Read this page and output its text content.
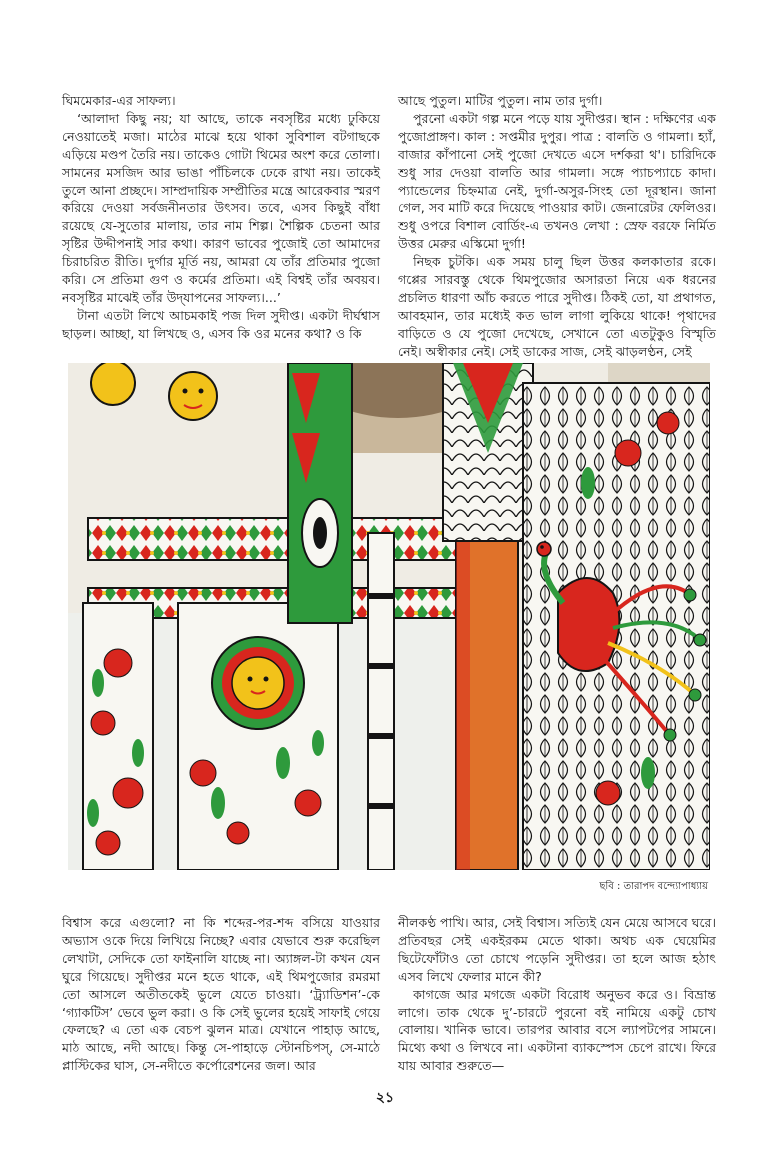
ঘিমমেকার-এর সাফল্য।

‘আলাদা কিছু নয়; যা আছে, তাকে নবসৃষ্টির মধ্যে ঢুকিয়ে নেওয়াতেই মজা। মাঠের মাঝে হয়ে থাকা সুবিশাল বটগাছকে এড়িয়ে মণ্ডপ তৈরি নয়। তাকেও গোটা থিমের অংশ করে তোলা। সামনের মসজিদ আর ভাঙা পাঁচিলকে ঢেকে রাখা নয়। তাকেই তুলে আনা প্রচ্ছদে। সাম্প্রদায়িক সম্প্রীতির মন্ত্রে আরেকবার স্মরণ করিয়ে দেওয়া সর্বজনীনতার উৎসব। তবে, এসব কিছুই বাঁধা রয়েছে যে-সুতোর মালায়, তার নাম শিল্প। শৈল্পিক চেতনা আর সৃষ্টির উদ্দীপনাই সার কথা। কারণ ভাবের পুজোই তো আমাদের চিরাচরিত রীতি। দুর্গার মূর্তি নয়, আমরা যে তাঁর প্রতিমার পুজো করি। সে প্রতিমা গুণ ও কর্মের প্রতিমা। এই বিশ্বই তাঁর অবয়ব। নবসৃষ্টির মাঝেই তাঁর উদ্‌যাপনের সাফল্য।...’

টানা এতটা লিখে আচমকাই পজ দিল সুদীপ্ত। একটা দীর্ঘশ্বাস ছাড়ল। আচ্ছা, যা লিখছে ও, এসব কি ওর মনের কথা? ও কি

আছে পুতুল। মাটির পুতুল। নাম তার দুর্গা।

পুরনো একটা গল্প মনে পড়ে যায় সুদীপ্তর। স্থান : দক্ষিণের এক পুজোপ্রাঙ্গণ। কাল : সপ্তমীর দুপুর। পাত্র : বালতি ও গামলা। হ্যাঁ, বাজার কাঁপানো সেই পুজো দেখতে এসে দর্শকরা থ'। চারিদিকে শুধু সার দেওয়া বালতি আর গামলা। সঙ্গে প্যাচপ্যাচে কাদা। প্যান্ডেলের চিহ্নমাত্র নেই, দুর্গা-অসুর-সিংহ তো দূরস্থান। জানা গেল, সব মাটি করে দিয়েছে পাওয়ার কাট। জেনারেটর ফেলিওর। শুধু ওপরে বিশাল বোর্ডিং-এ তখনও লেখা : স্রেফ বরফে নির্মিত উত্তর মেরুর এস্কিমো দুর্গা!

নিছক চুটকি। এক সময় চালু ছিল উত্তর কলকাতার রকে। গপ্পের সারবস্তু থেকে থিমপুজোর অসারতা নিয়ে এক ধরনের প্রচলিত ধারণা আঁচ করতে পারে সুদীপ্ত। ঠিকই তো, যা প্রথাগত, আবহমান, তার মধ্যেই কত ভাল লাগা লুকিয়ে থাকে! পৃথাদের বাড়িতে ও যে পুজো দেখেছে, সেখানে তো এতটুকুও বিস্মৃতি নেই। অস্বীকার নেই। সেই ডাকের সাজ, সেই ঝাড়লণ্ঠন, সেই

ছবি : তারাপদ বন্দ্যোপাধ্যায়

বিশ্বাস করে এগুলো? না কি শব্দের-পর-শব্দ বসিয়ে যাওয়ার অভ্যাস ওকে দিয়ে লিখিয়ে নিচ্ছে? এবার যেভাবে শুরু করেছিল লেখাটা, সেদিকে তো ফাইনালি যাচ্ছে না। অ্যাঙ্গল-টা কখন যেন ঘুরে গিয়েছে। সুদীপ্তর মনে হতে থাকে, এই থিমপুজোর রমরমা তো আসলে অতীতকেই ভুলে যেতে চাওয়া। ‘ট্র্যাডিশন’-কে ‘গ্যাকটিস’ ভেবে ভুল করা। ও কি সেই ভুলের হয়েই সাফাই গেয়ে ফেলছে? এ তো এক বেচপ ঝুলন মাত্র। যেখানে পাহাড় আছে, মাঠ আছে, নদী আছে। কিন্তু সে-পাহাড়ে স্টোনচিপস্‌, সে-মাঠে প্লাস্টিকের ঘাস, সে-নদীতে কর্পোরেশনের জল। আর

নীলকণ্ঠ পাখি। আর, সেই বিশ্বাস। সত্যিই যেন মেয়ে আসবে ঘরে। প্রতিবছর সেই একইরকম মেতে থাকা। অথচ এক ঘেয়েমির ছিটেফোঁটাও তো চোখে পড়েনি সুদীপ্তর। তা হলে আজ হঠাৎ এসব লিখে ফেলার মানে কী?

কাগজে আর মগজে একটা বিরোধ অনুভব করে ও। বিভ্রান্ত লাগে। তাক থেকে দু’-চারটে পুরনো বই নামিয়ে একটু চোখ বোলায়। খানিক ভাবে। তারপর আবার বসে ল্যাপটপের সামনে। মিথ্যে কথা ও লিখবে না। একটানা ব্যাকস্পেস চেপে রাখে। ফিরে যায় আবার শুরুতে—

২১
